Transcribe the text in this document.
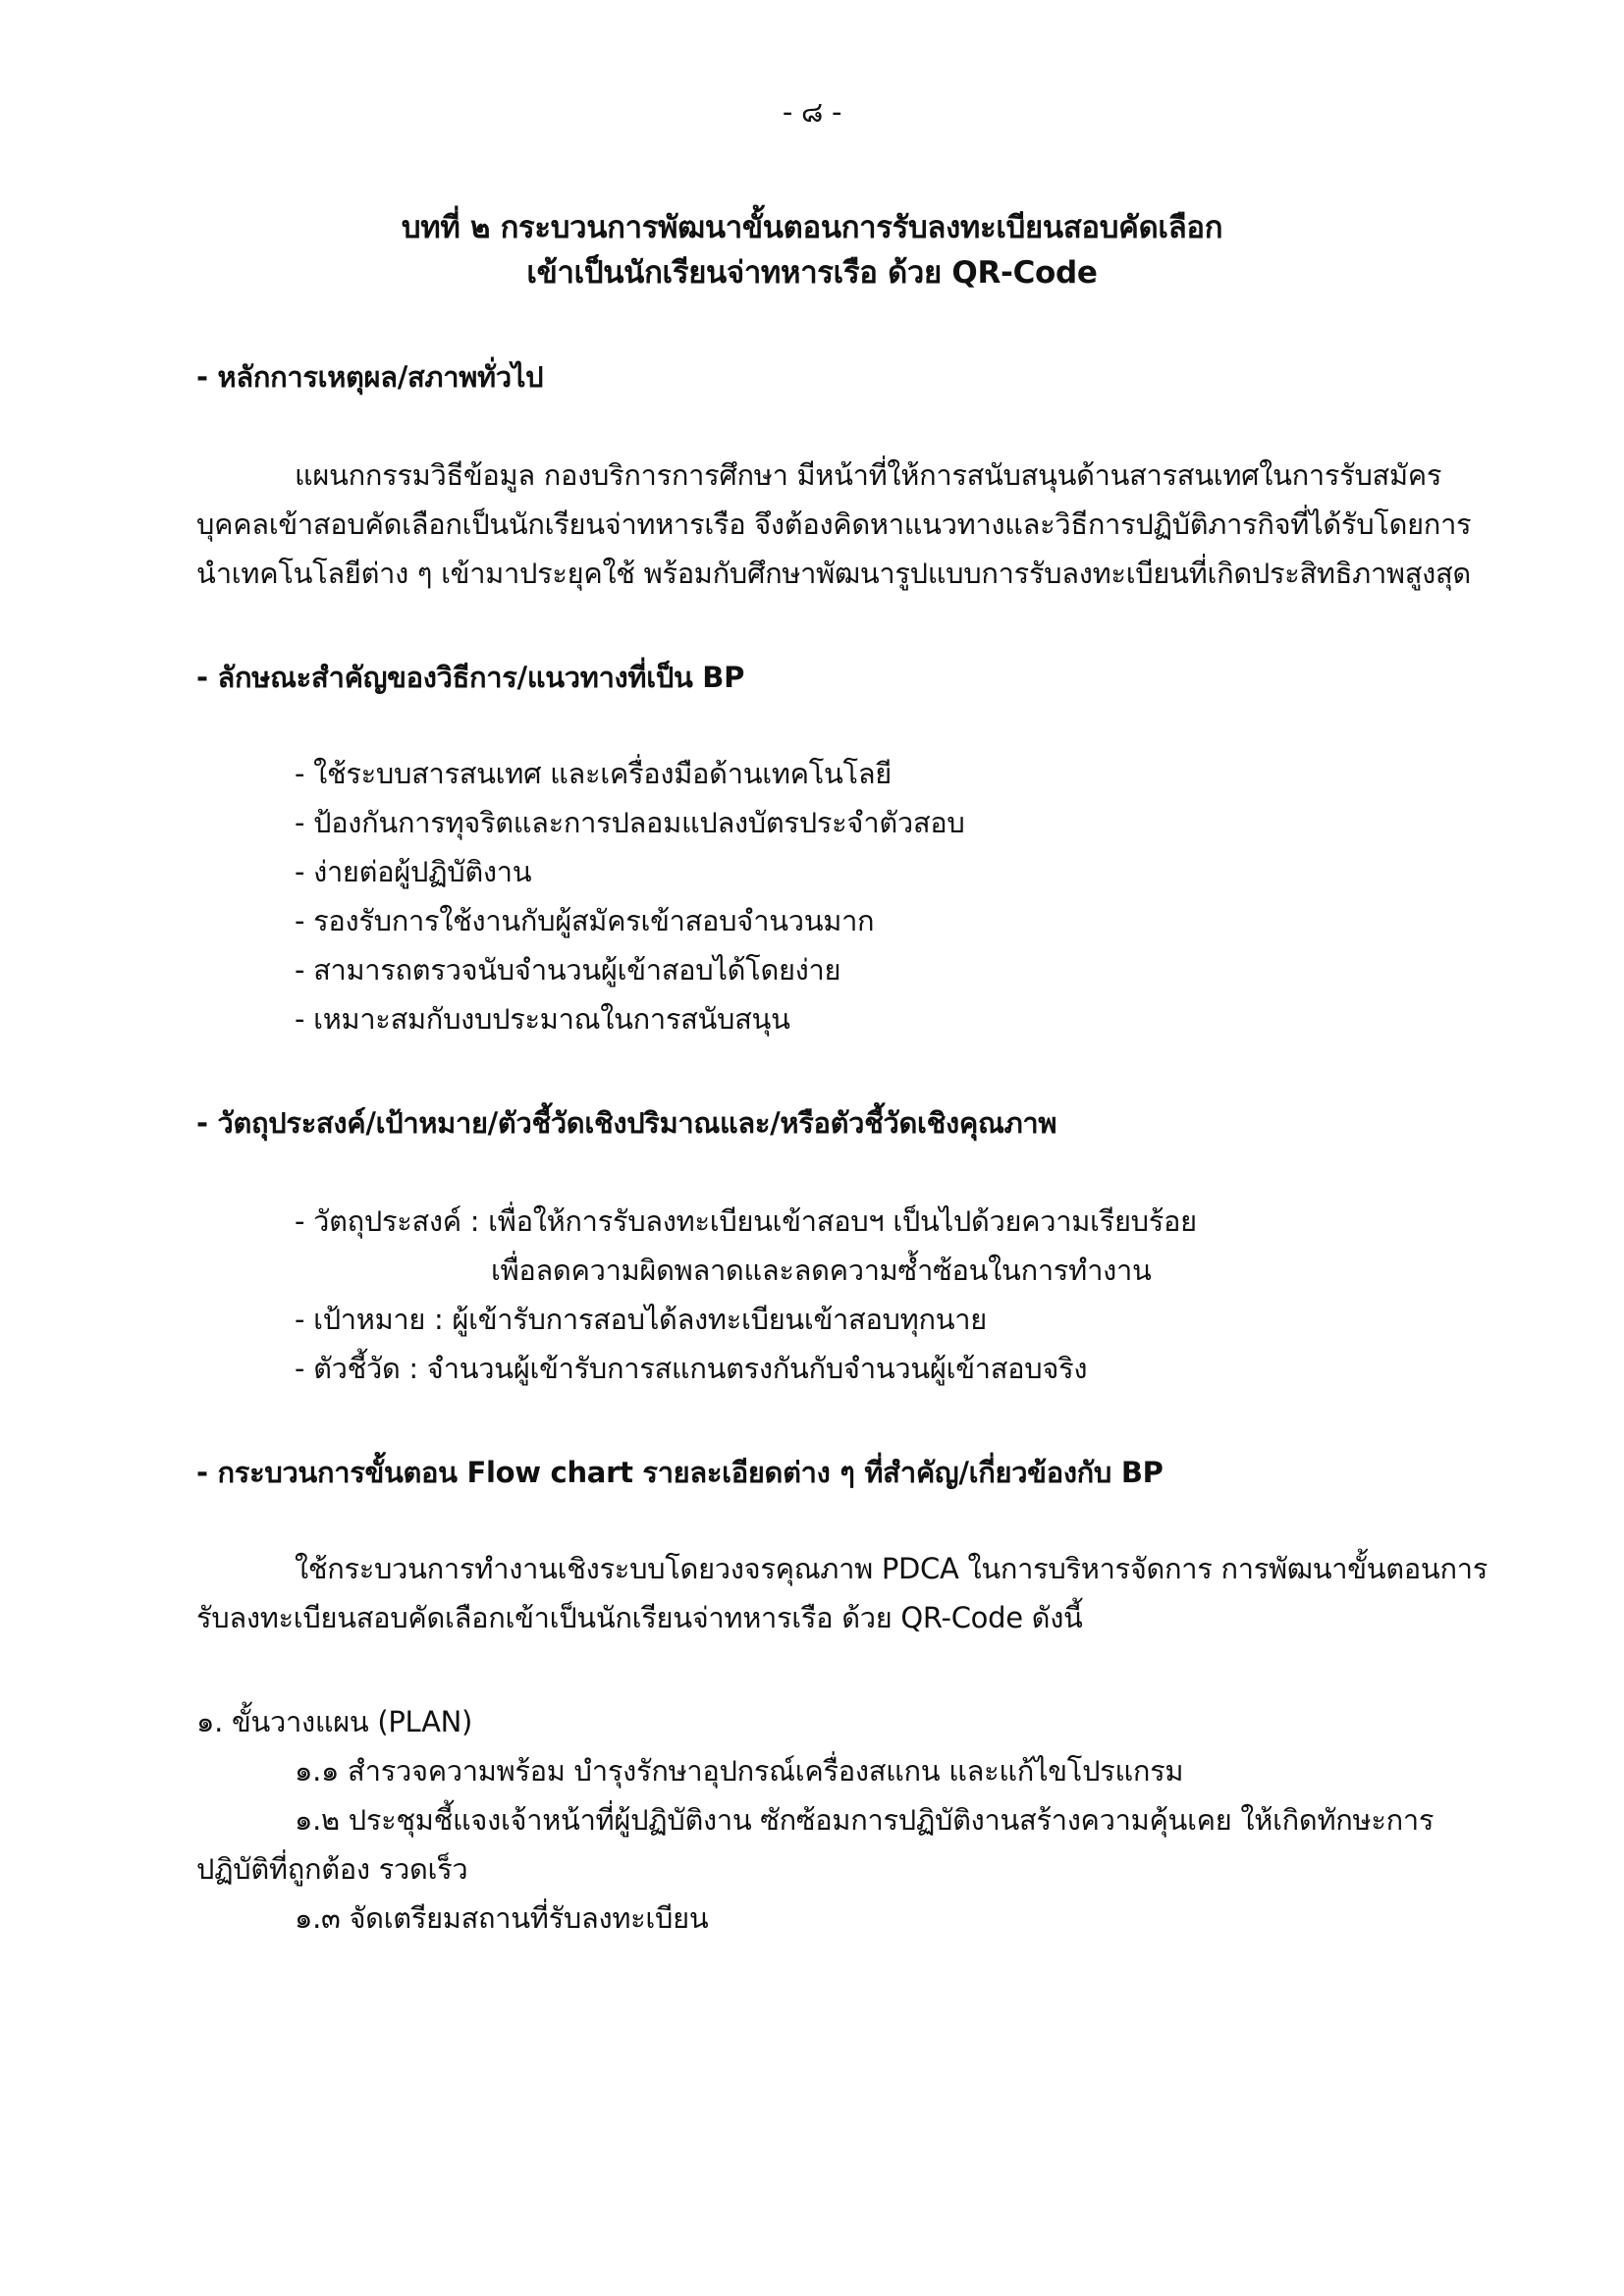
- ๘ -
บทที่ ๒ กระบวนการพัฒนาขั้นตอนการรับลงทะเบียนสอบคัดเลือก
เข้าเป็นนักเรียนจ่าทหารเรือ ด้วย QR-Code
- หลักการเหตุผล/สภาพทั่วไป
แผนกกรรมวิธีข้อมูล กองบริการการศึกษา มีหน้าที่ให้การสนับสนุนด้านสารสนเทศในการรับสมัคร
บุคคลเข้าสอบคัดเลือกเป็นนักเรียนจ่าทหารเรือ จึงต้องคิดหาแนวทางและวิธีการปฏิบัติภารกิจที่ได้รับโดยการ
นำเทคโนโลยีต่าง ๆ เข้ามาประยุคใช้ พร้อมกับศึกษาพัฒนารูปแบบการรับลงทะเบียนที่เกิดประสิทธิภาพสูงสุด
- ลักษณะสำคัญของวิธีการ/แนวทางที่เป็น BP
- ใช้ระบบสารสนเทศ และเครื่องมือด้านเทคโนโลยี
- ป้องกันการทุจริตและการปลอมแปลงบัตรประจำตัวสอบ
- ง่ายต่อผู้ปฏิบัติงาน
- รองรับการใช้งานกับผู้สมัครเข้าสอบจำนวนมาก
- สามารถตรวจนับจำนวนผู้เข้าสอบได้โดยง่าย
- เหมาะสมกับงบประมาณในการสนับสนุน
- วัตถุประสงค์/เป้าหมาย/ตัวชี้วัดเชิงปริมาณและ/หรือตัวชี้วัดเชิงคุณภาพ
- วัตถุประสงค์ : เพื่อให้การรับลงทะเบียนเข้าสอบฯ เป็นไปด้วยความเรียบร้อย
เพื่อลดความผิดพลาดและลดความซ้ำซ้อนในการทำงาน
- เป้าหมาย : ผู้เข้ารับการสอบได้ลงทะเบียนเข้าสอบทุกนาย
- ตัวชี้วัด : จำนวนผู้เข้ารับการสแกนตรงกันกับจำนวนผู้เข้าสอบจริง
- กระบวนการขั้นตอน Flow chart รายละเอียดต่าง ๆ ที่สำคัญ/เกี่ยวข้องกับ BP
ใช้กระบวนการทำงานเชิงระบบโดยวงจรคุณภาพ PDCA ในการบริหารจัดการ การพัฒนาขั้นตอนการ
รับลงทะเบียนสอบคัดเลือกเข้าเป็นนักเรียนจ่าทหารเรือ ด้วย QR-Code ดังนี้
๑. ขั้นวางแผน (PLAN)
๑.๑ สำรวจความพร้อม บำรุงรักษาอุปกรณ์เครื่องสแกน และแก้ไขโปรแกรม
๑.๒ ประชุมชี้แจงเจ้าหน้าที่ผู้ปฏิบัติงาน ซักซ้อมการปฏิบัติงานสร้างความคุ้นเคย ให้เกิดทักษะการ
ปฏิบัติที่ถูกต้อง รวดเร็ว
๑.๓ จัดเตรียมสถานที่รับลงทะเบียน
